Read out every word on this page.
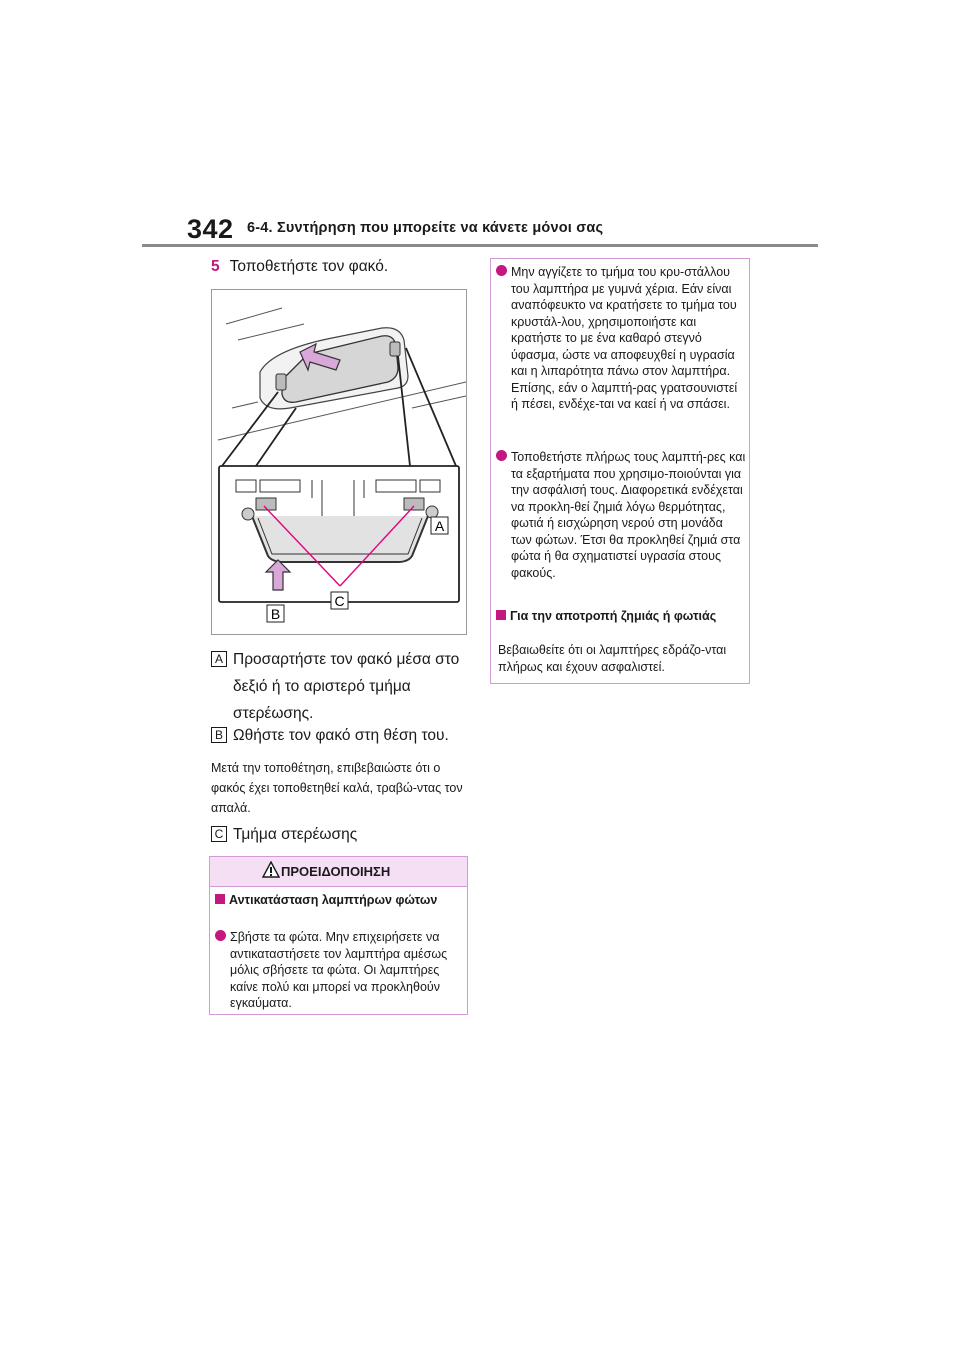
342 6-4. Συντήρηση που μπορείτε να κάνετε μόνοι σας
5 Τοποθετήστε τον φακό.
A
B
C
A Προσαρτήστε τον φακό μέσα στο δεξιό ή το αριστερό τμήμα στερέωσης.
B Ωθήστε τον φακό στη θέση του.
Μετά την τοποθέτηση, επιβεβαιώστε ότι ο φακός έχει τοποθετηθεί καλά, τραβώ-ντας τον απαλά.
C Τμήμα στερέωσης
ΠΡΟΕΙΔΟΠΟΙΗΣΗ
Αντικατάσταση λαμπτήρων φώτων
Σβήστε τα φώτα. Μην επιχειρήσετε να αντικαταστήσετε τον λαμπτήρα αμέσως μόλις σβήσετε τα φώτα. Οι λαμπτήρες καίνε πολύ και μπορεί να προκληθούν εγκαύματα.
Μην αγγίζετε το τμήμα του κρυ-στάλλου του λαμπτήρα με γυμνά χέρια. Εάν είναι αναπόφευκτο να κρατήσετε το τμήμα του κρυστάλ-λου, χρησιμοποιήστε και κρατήστε το με ένα καθαρό στεγνό ύφασμα, ώστε να αποφευχθεί η υγρασία και η λιπαρότητα πάνω στον λαμπτήρα. Επίσης, εάν ο λαμπτή-ρας γρατσουνιστεί ή πέσει, ενδέχε-ται να καεί ή να σπάσει.
Τοποθετήστε πλήρως τους λαμπτή-ρες και τα εξαρτήματα που χρησιμο-ποιούνται για την ασφάλισή τους. Διαφορετικά ενδέχεται να προκλη-θεί ζημιά λόγω θερμότητας, φωτιά ή εισχώρηση νερού στη μονάδα των φώτων. Έτσι θα προκληθεί ζημιά στα φώτα ή θα σχηματιστεί υγρασία στους φακούς.
Για την αποτροπή ζημιάς ή φωτιάς
Βεβαιωθείτε ότι οι λαμπτήρες εδράζο-νται πλήρως και έχουν ασφαλιστεί.
